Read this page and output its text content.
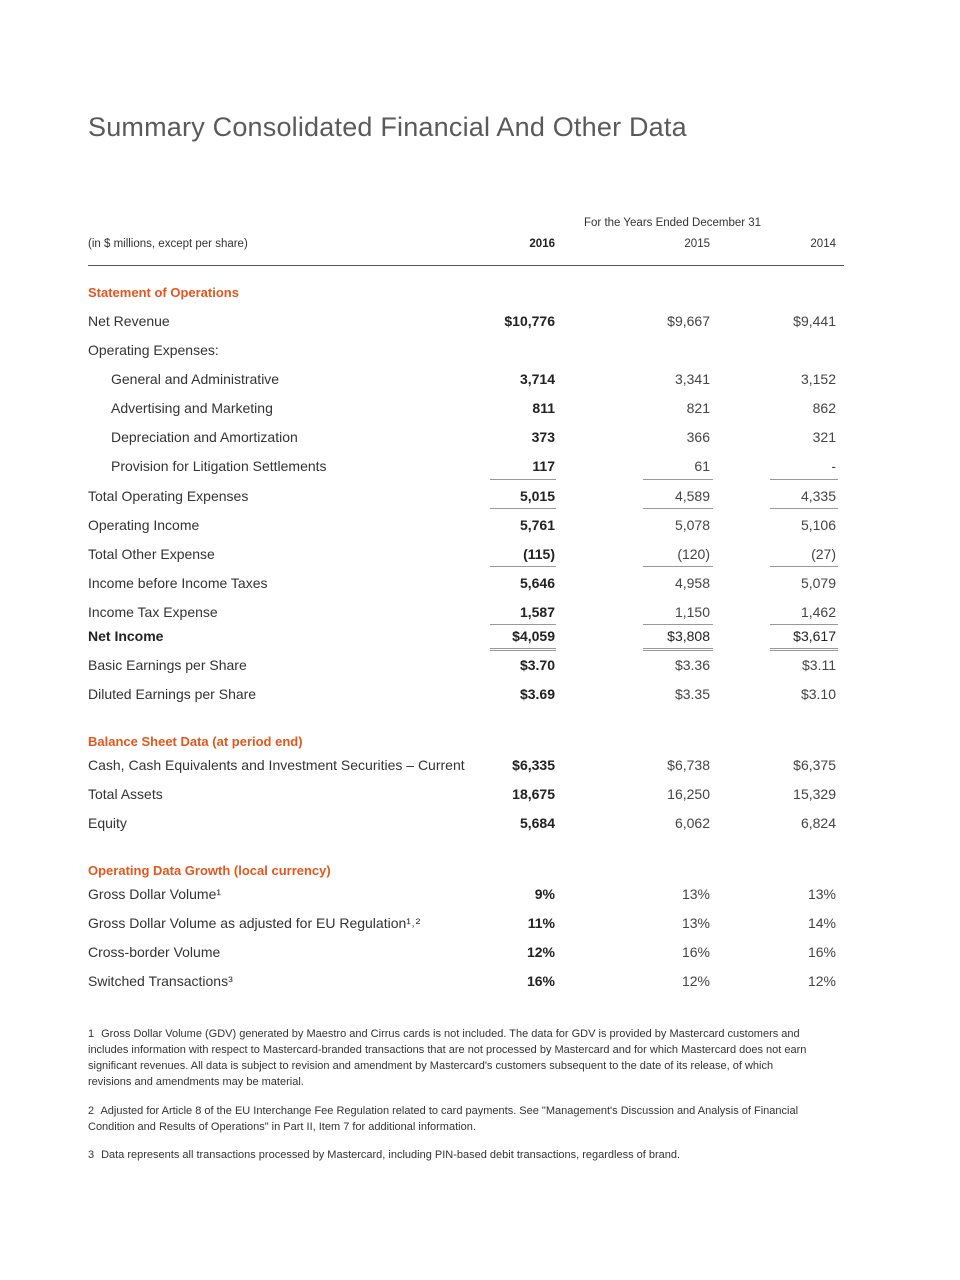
Summary Consolidated Financial And Other Data
For the Years Ended December 31
(in $ millions, except per share)	2016	2015	2014
Statement of Operations
Net Revenue	$10,776	$9,667	$9,441
Operating Expenses:
General and Administrative	3,714	3,341	3,152
Advertising and Marketing	811	821	862
Depreciation and Amortization	373	366	321
Provision for Litigation Settlements	117	61	-
Total Operating Expenses	5,015	4,589	4,335
Operating Income	5,761	5,078	5,106
Total Other Expense	(115)	(120)	(27)
Income before Income Taxes	5,646	4,958	5,079
Income Tax Expense	1,587	1,150	1,462
Net Income	$4,059	$3,808	$3,617
Basic Earnings per Share	$3.70	$3.36	$3.11
Diluted Earnings per Share	$3.69	$3.35	$3.10
Balance Sheet Data (at period end)
Cash, Cash Equivalents and Investment Securities – Current	$6,335	$6,738	$6,375
Total Assets	18,675	16,250	15,329
Equity	5,684	6,062	6,824
Operating Data Growth (local currency)
Gross Dollar Volume¹	9%	13%	13%
Gross Dollar Volume as adjusted for EU Regulation¹˒²	11%	13%	14%
Cross-border Volume	12%	16%	16%
Switched Transactions³	16%	12%	12%
1 Gross Dollar Volume (GDV) generated by Maestro and Cirrus cards is not included. The data for GDV is provided by Mastercard customers and includes information with respect to Mastercard-branded transactions that are not processed by Mastercard and for which Mastercard does not earn significant revenues. All data is subject to revision and amendment by Mastercard's customers subsequent to the date of its release, of which revisions and amendments may be material.
2 Adjusted for Article 8 of the EU Interchange Fee Regulation related to card payments. See "Management's Discussion and Analysis of Financial Condition and Results of Operations" in Part II, Item 7 for additional information.
3 Data represents all transactions processed by Mastercard, including PIN-based debit transactions, regardless of brand.
